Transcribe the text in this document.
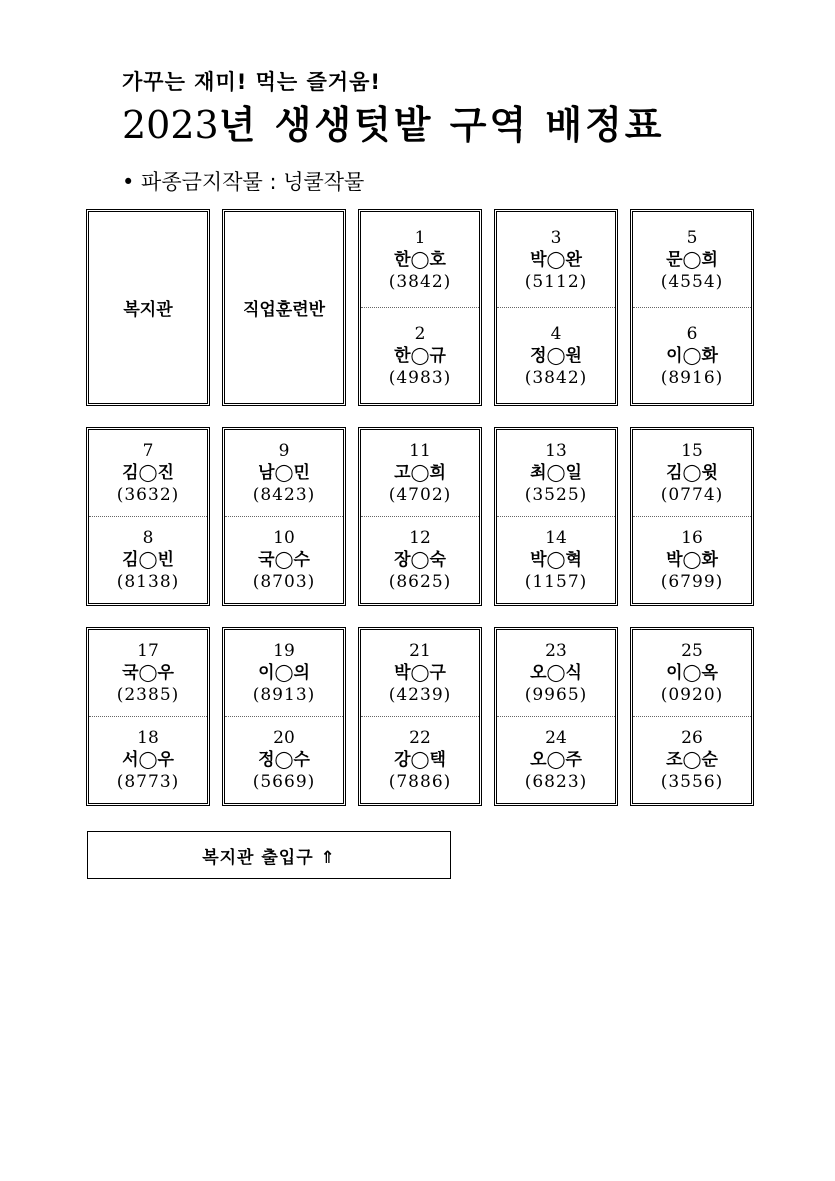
가꾸는 재미! 먹는 즐거움!
2023년 생생텃밭 구역 배정표
• 파종금지작물 : 넝쿨작물
복지관	직업훈련반
1
한◯호
(3842)
2
한◯규
(4983)
3
박◯완
(5112)
4
정◯원
(3842)
5
문◯희
(4554)
6
이◯화
(8916)
7
김◯진
(3632)
8
김◯빈
(8138)
9
남◯민
(8423)
10
국◯수
(8703)
11
고◯희
(4702)
12
장◯숙
(8625)
13
최◯일
(3525)
14
박◯혁
(1157)
15
김◯윗
(0774)
16
박◯화
(6799)
17
국◯우
(2385)
18
서◯우
(8773)
19
이◯의
(8913)
20
정◯수
(5669)
21
박◯구
(4239)
22
강◯택
(7886)
23
오◯식
(9965)
24
오◯주
(6823)
25
이◯옥
(0920)
26
조◯순
(3556)
복지관 출입구 ⇑
